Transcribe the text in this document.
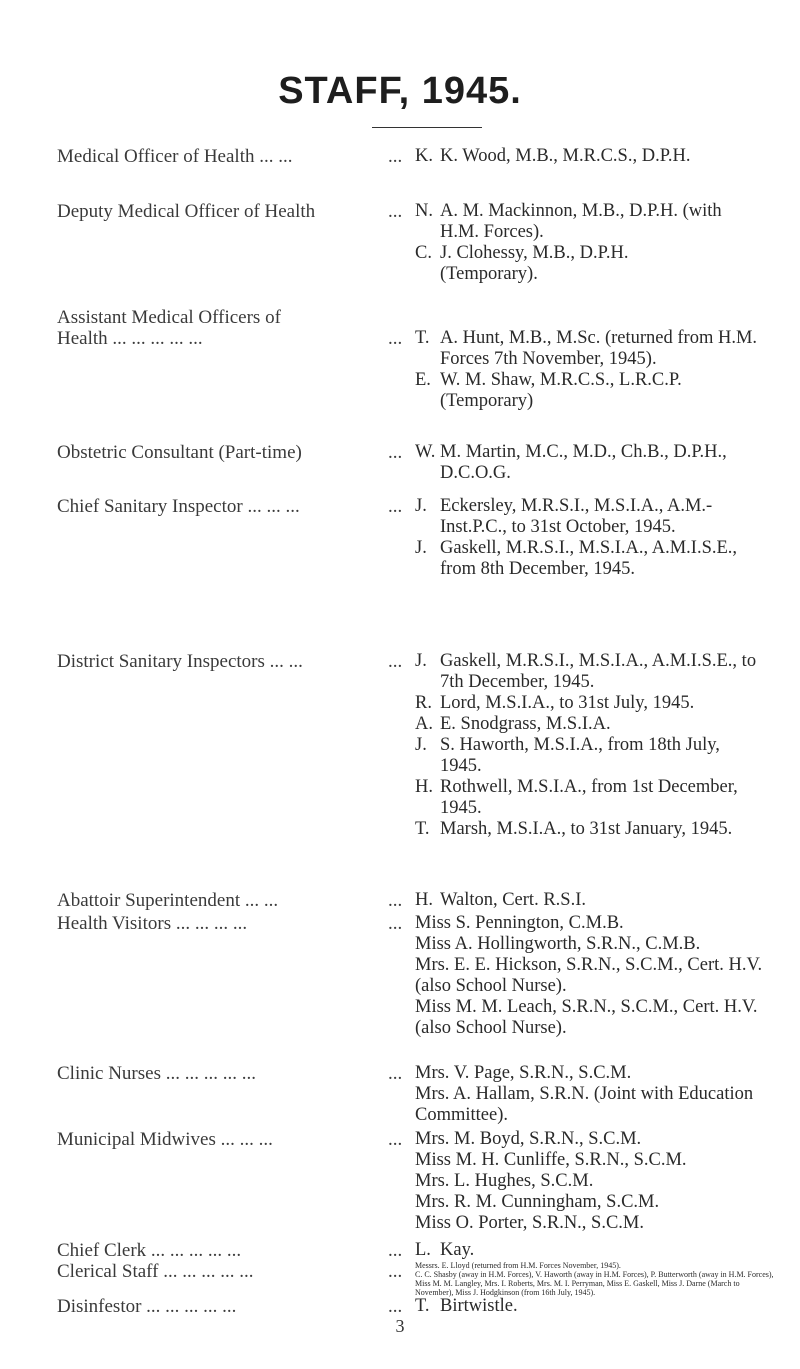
STAFF, 1945.
Medical Officer of Health ... ...	... K. K. Wood, M.B., M.R.C.S., D.P.H.
Deputy Medical Officer of Health	... N. A. M. Mackinnon, M.B., D.P.H. (with H.M. Forces).
C. J. Clohessy, M.B., D.P.H. (Temporary).
Assistant Medical Officers of Health ... ... ... ... ...	... T. A. Hunt, M.B., M.Sc. (returned from H.M. Forces 7th November, 1945).
E. W. M. Shaw, M.R.C.S., L.R.C.P. (Temporary)
Obstetric Consultant (Part-time)	... W. M. Martin, M.C., M.D., Ch.B., D.P.H., D.C.O.G.
Chief Sanitary Inspector ... ... ...	... J. Eckersley, M.R.S.I., M.S.I.A., A.M.-Inst.P.C., to 31st October, 1945.
J. Gaskell, M.R.S.I., M.S.I.A., A.M.I.S.E., from 8th December, 1945.
District Sanitary Inspectors ... ...	... J. Gaskell, M.R.S.I., M.S.I.A., A.M.I.S.E., to 7th December, 1945.
R. Lord, M.S.I.A., to 31st July, 1945.
A. E. Snodgrass, M.S.I.A.
J. S. Haworth, M.S.I.A., from 18th July, 1945.
H. Rothwell, M.S.I.A., from 1st December, 1945.
T. Marsh, M.S.I.A., to 31st January, 1945.
Abattoir Superintendent ... ...	... H. Walton, Cert. R.S.I.
Health Visitors ... ... ... ...	... Miss S. Pennington, C.M.B.
Miss A. Hollingworth, S.R.N., C.M.B.
Mrs. E. E. Hickson, S.R.N., S.C.M., Cert. H.V. (also School Nurse).
Miss M. M. Leach, S.R.N., S.C.M., Cert. H.V. (also School Nurse).
Clinic Nurses ... ... ... ... ...	... Mrs. V. Page, S.R.N., S.C.M.
Mrs. A. Hallam, S.R.N. (Joint with Education Committee).
Municipal Midwives ... ... ...	... Mrs. M. Boyd, S.R.N., S.C.M.
Miss M. H. Cunliffe, S.R.N., S.C.M.
Mrs. L. Hughes, S.C.M.
Mrs. R. M. Cunningham, S.C.M.
Miss O. Porter, S.R.N., S.C.M.
Chief Clerk ... ... ... ... ...	... L. Kay.
Clerical Staff ... ... ... ... ...	... Messrs. E. Lloyd (returned from H.M. Forces November, 1945).
C. C. Shasby (away in H.M. Forces), V. Haworth (away in H.M. Forces), P. Butterworth (away in H.M. Forces), Miss M. M. Langley, Mrs. I. Roberts, Mrs. M. I. Perryman, Miss E. Gaskell, Miss J. Darne (March to November), Miss J. Hodgkinson (from 16th July, 1945).
Disinfestor ... ... ... ... ...	... T. Birtwistle.
3
